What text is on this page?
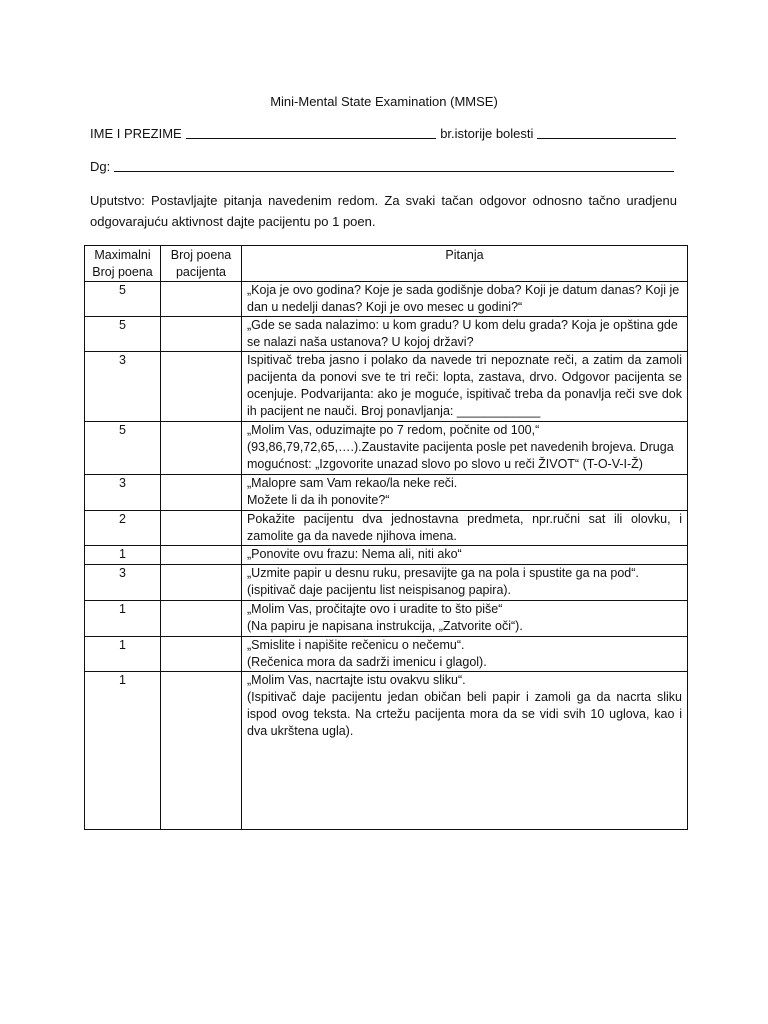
Mini-Mental State Examination (MMSE)
IME I PREZIME	br.istorije bolesti
Dg:
Uputstvo: Postavljajte pitanja navedenim redom. Za svaki tačan odgovor odnosno tačno uradjenu odgovarajuću aktivnost dajte pacijentu po 1 poen.
Maximalni Broj poena	Broj poena pacijenta	Pitanja
5		„Koja je ovo godina? Koje je sada godišnje doba? Koji je datum danas? Koji je
dan u nedelji danas? Koji je ovo mesec u godini?“

5		„Gde se sada nalazimo: u kom gradu? U kom delu grada? Koja je opština gde
se nalazi naša ustanova? U kojoj državi?

3		Ispitivač treba jasno i polako da navede tri nepoznate reči, a zatim da zamoli pacijenta da ponovi sve te tri reči: lopta, zastava, drvo. Odgovor pacijenta se ocenjuje. Podvarijanta: ako je moguće, ispitivač treba da ponavlja reči sve dok ih pacijent ne nauči. Broj ponavljanja: ____________

5		„Molim Vas, oduzimajte po 7 redom, počnite od 100,“
(93,86,79,72,65,….).Zaustavite pacijenta posle pet navedenih brojeva. Druga
mogućnost: „Izgovorite unazad slovo po slovo u reči ŽIVOT“ (T-O-V-I-Ž)

3		„Malopre sam Vam rekao/la neke reči.
Možete li da ih ponovite?“

2		Pokažite pacijentu dva jednostavna predmeta, npr.ručni sat ili olovku, i zamolite ga da navede njihova imena.

1		„Ponovite ovu frazu: Nema ali, niti ako“

3		„Uzmite papir u desnu ruku, presavijte ga na pola i spustite ga na pod“.
(ispitivač daje pacijentu list neispisanog papira).

1		„Molim Vas, pročitajte ovo i uradite to što piše“
(Na papiru je napisana instrukcija, „Zatvorite oči“).

1		„Smislite i napišite rečenicu o nečemu“.
(Rečenica mora da sadrži imenicu i glagol).

1		„Molim Vas, nacrtajte istu ovakvu sliku“.
(Ispitivač daje pacijentu jedan običan beli papir i zamoli ga da nacrta sliku ispod ovog teksta. Na crtežu pacijenta mora da se vidi svih 10 uglova, kao i dva ukrštena ugla).
